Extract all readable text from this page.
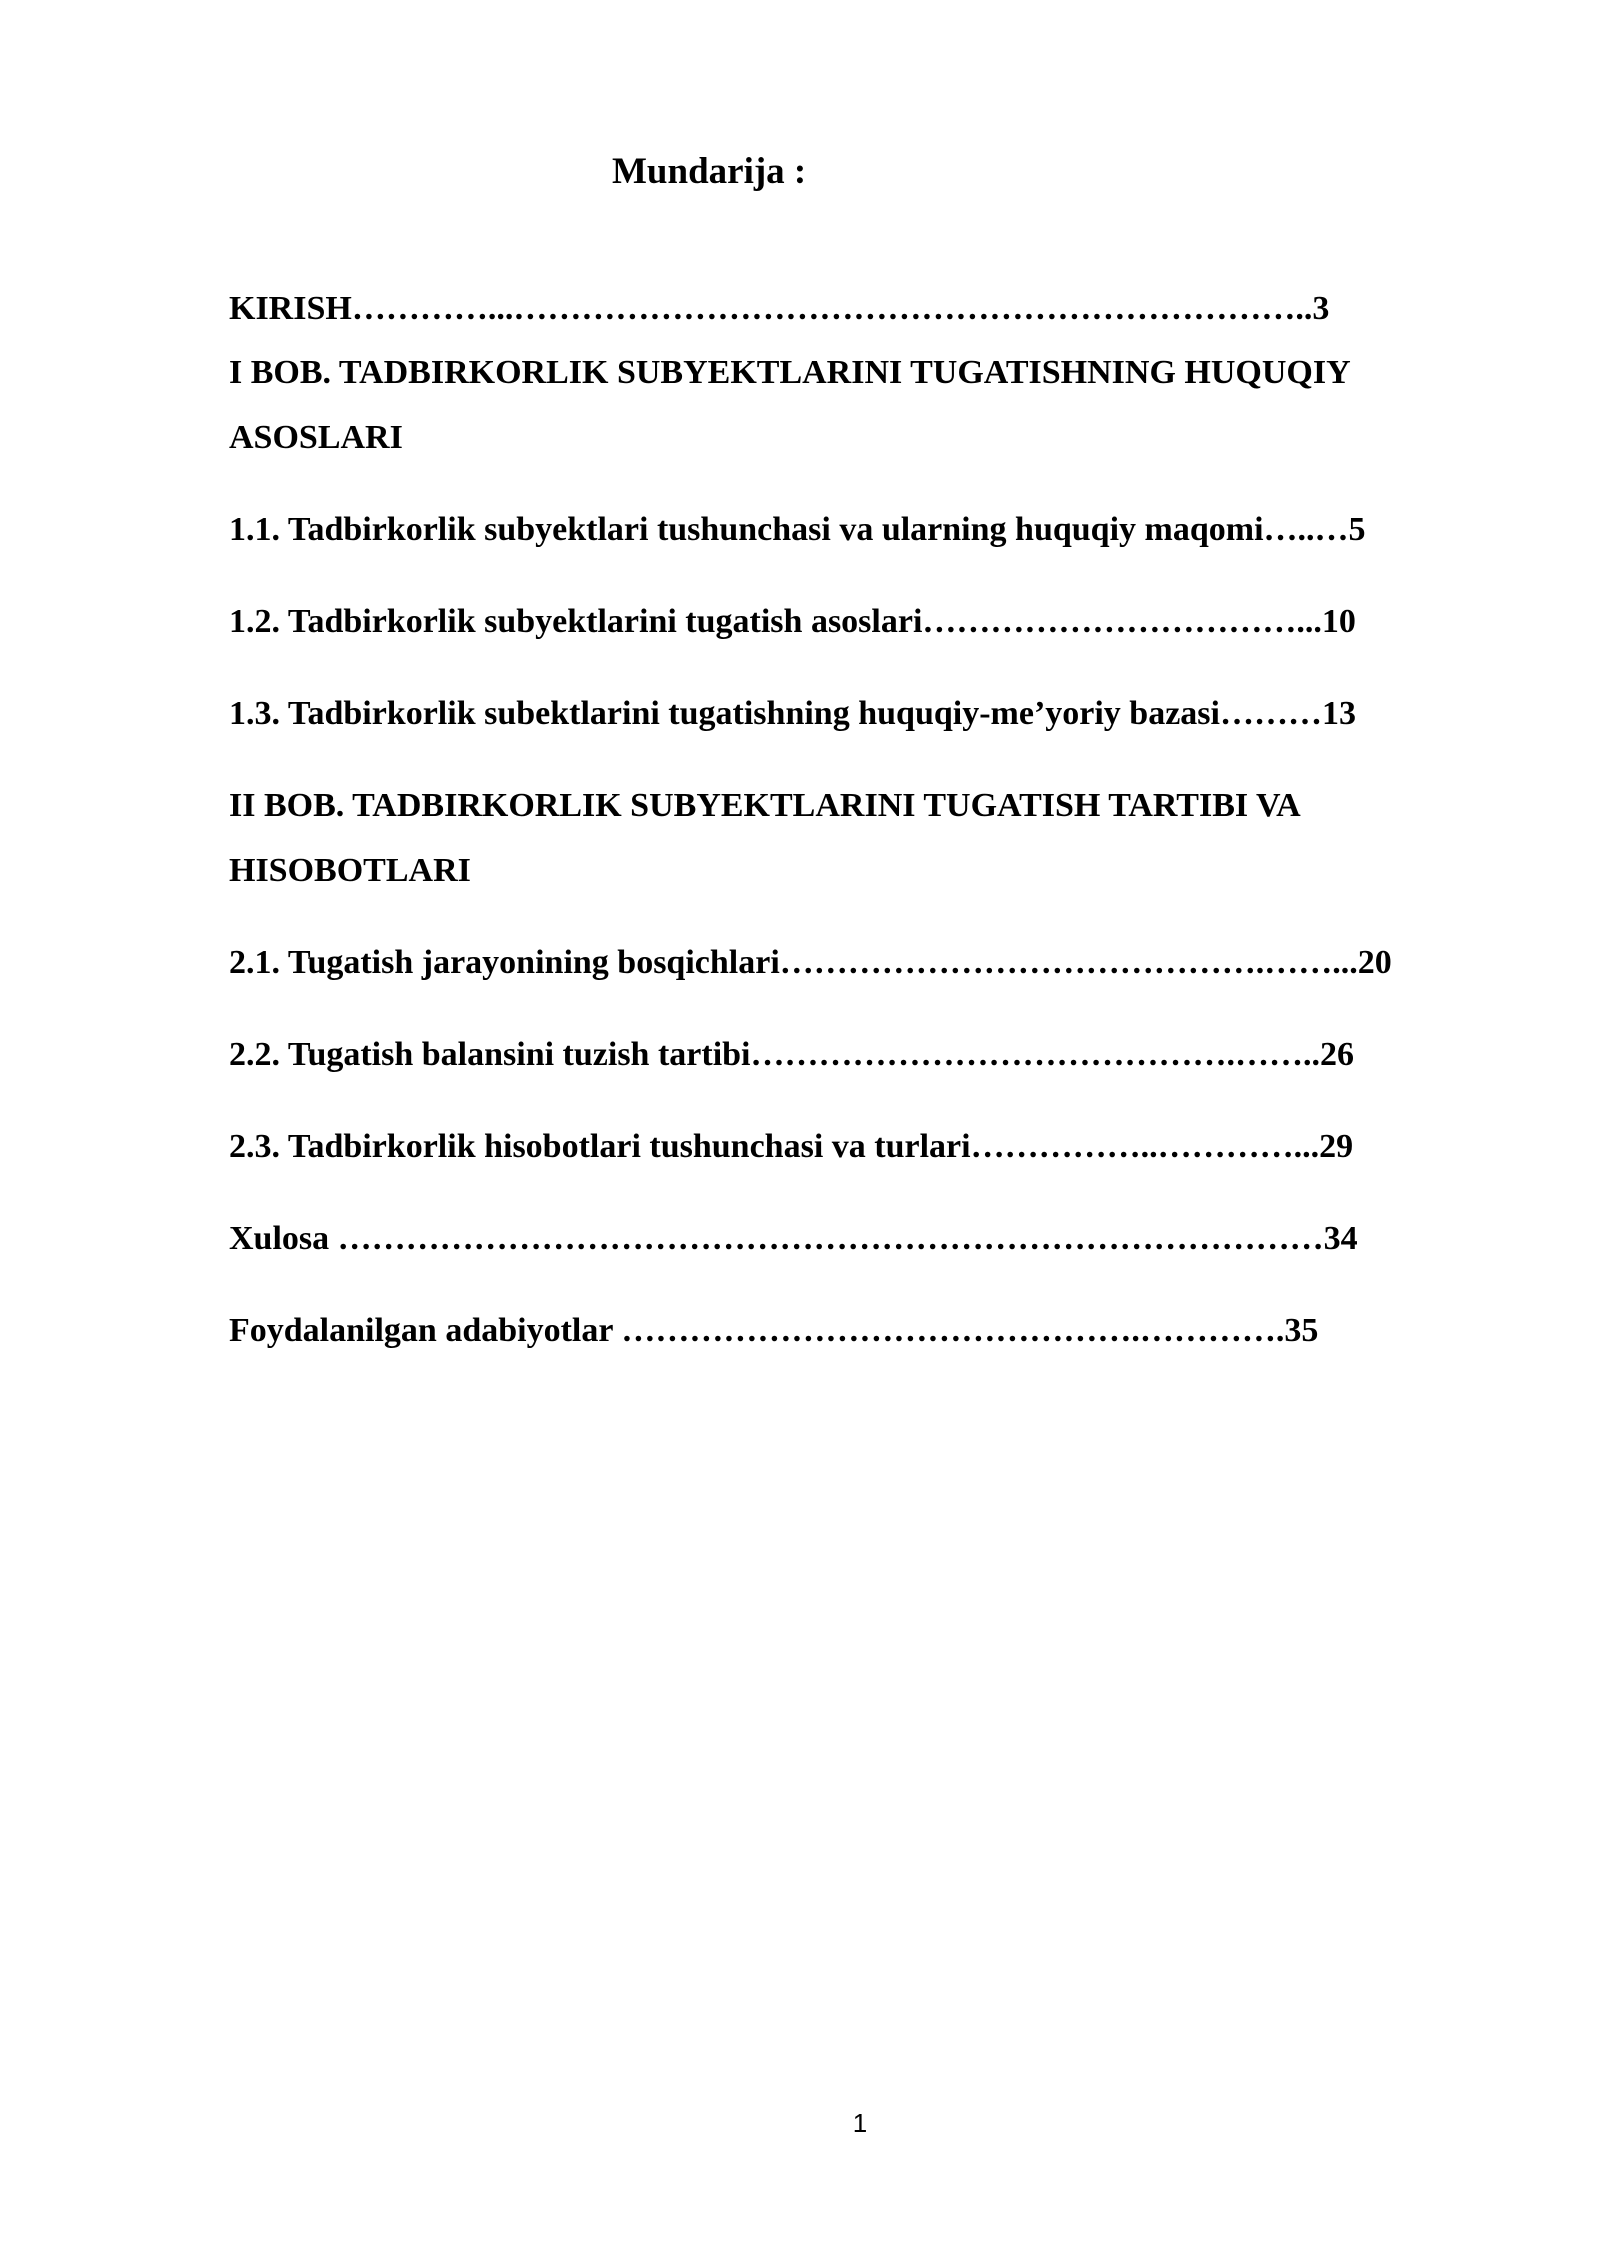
Mundarija :
KIRISH…………...……………………………………………………………..3
I BOB. TADBIRKORLIK SUBYEKTLARINI TUGATISHNING HUQUQIY
ASOSLARI
1.1. Tadbirkorlik subyektlari tushunchasi va ularning huquqiy maqomi…..…5
1.2. Tadbirkorlik subyektlarini tugatish asoslari……………………………...10
1.3. Tadbirkorlik subektlarini tugatishning huquqiy-me’yoriy bazasi………13
II BOB. TADBIRKORLIK SUBYEKTLARINI TUGATISH TARTIBI VA
HISOBOTLARI
2.1. Tugatish jarayonining bosqichlari…………………………………….……...20
2.2. Tugatish balansini tuzish tartibi…………………………………….……..26
2.3. Tadbirkorlik hisobotlari tushunchasi va turlari……………..…………...29
Xulosa ……………………………………………………………………………34
Foydalanilgan adabiyotlar ……………………………………….………….35
1
